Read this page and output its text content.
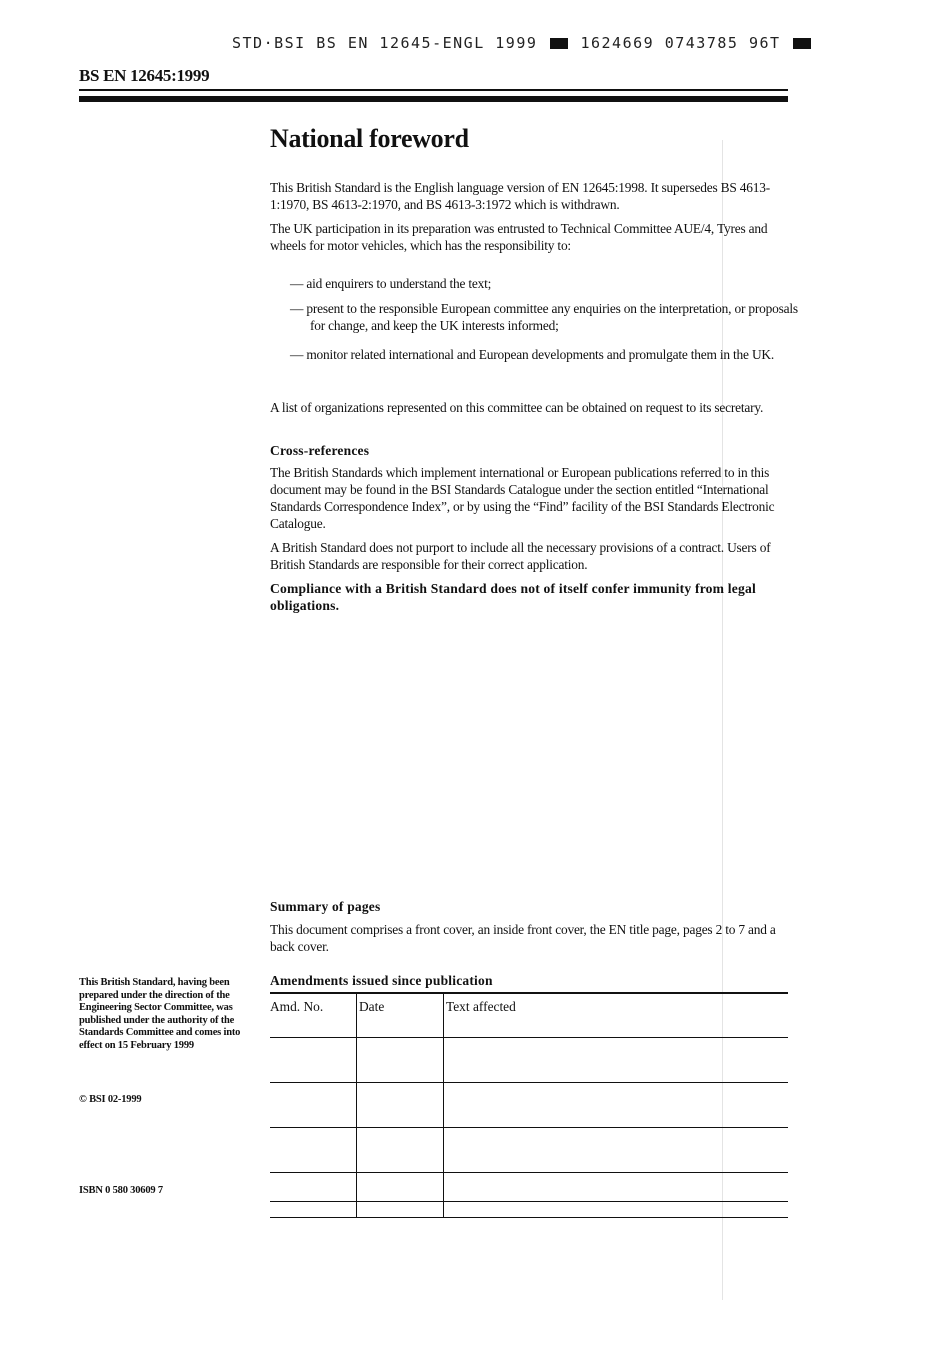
STD·BSI BS EN 12645-ENGL 1999	1624669 0743785 96T
BS EN 12645:1999
National foreword

This British Standard is the English language version of EN 12645:1998. It supersedes BS 4613-1:1970, BS 4613-2:1970, and BS 4613-3:1972 which is withdrawn.

The UK participation in its preparation was entrusted to Technical Committee AUE/4, Tyres and wheels for motor vehicles, which has the responsibility to:

— aid enquirers to understand the text;
— present to the responsible European committee any enquiries on the interpretation, or proposals for change, and keep the UK interests informed;
— monitor related international and European developments and promulgate them in the UK.

A list of organizations represented on this committee can be obtained on request to its secretary.

Cross-references

The British Standards which implement international or European publications referred to in this document may be found in the BSI Standards Catalogue under the section entitled “International Standards Correspondence Index”, or by using the “Find” facility of the BSI Standards Electronic Catalogue.

A British Standard does not purport to include all the necessary provisions of a contract. Users of British Standards are responsible for their correct application.

Compliance with a British Standard does not of itself confer immunity from legal obligations.

Summary of pages

This document comprises a front cover, an inside front cover, the EN title page, pages 2 to 7 and a back cover.

Amendments issued since publication
Amd. No.	Date	Text affected

This British Standard, having been prepared under the direction of the Engineering Sector Committee, was published under the authority of the Standards Committee and comes into effect on 15 February 1999
© BSI 02-1999
ISBN 0 580 30609 7
